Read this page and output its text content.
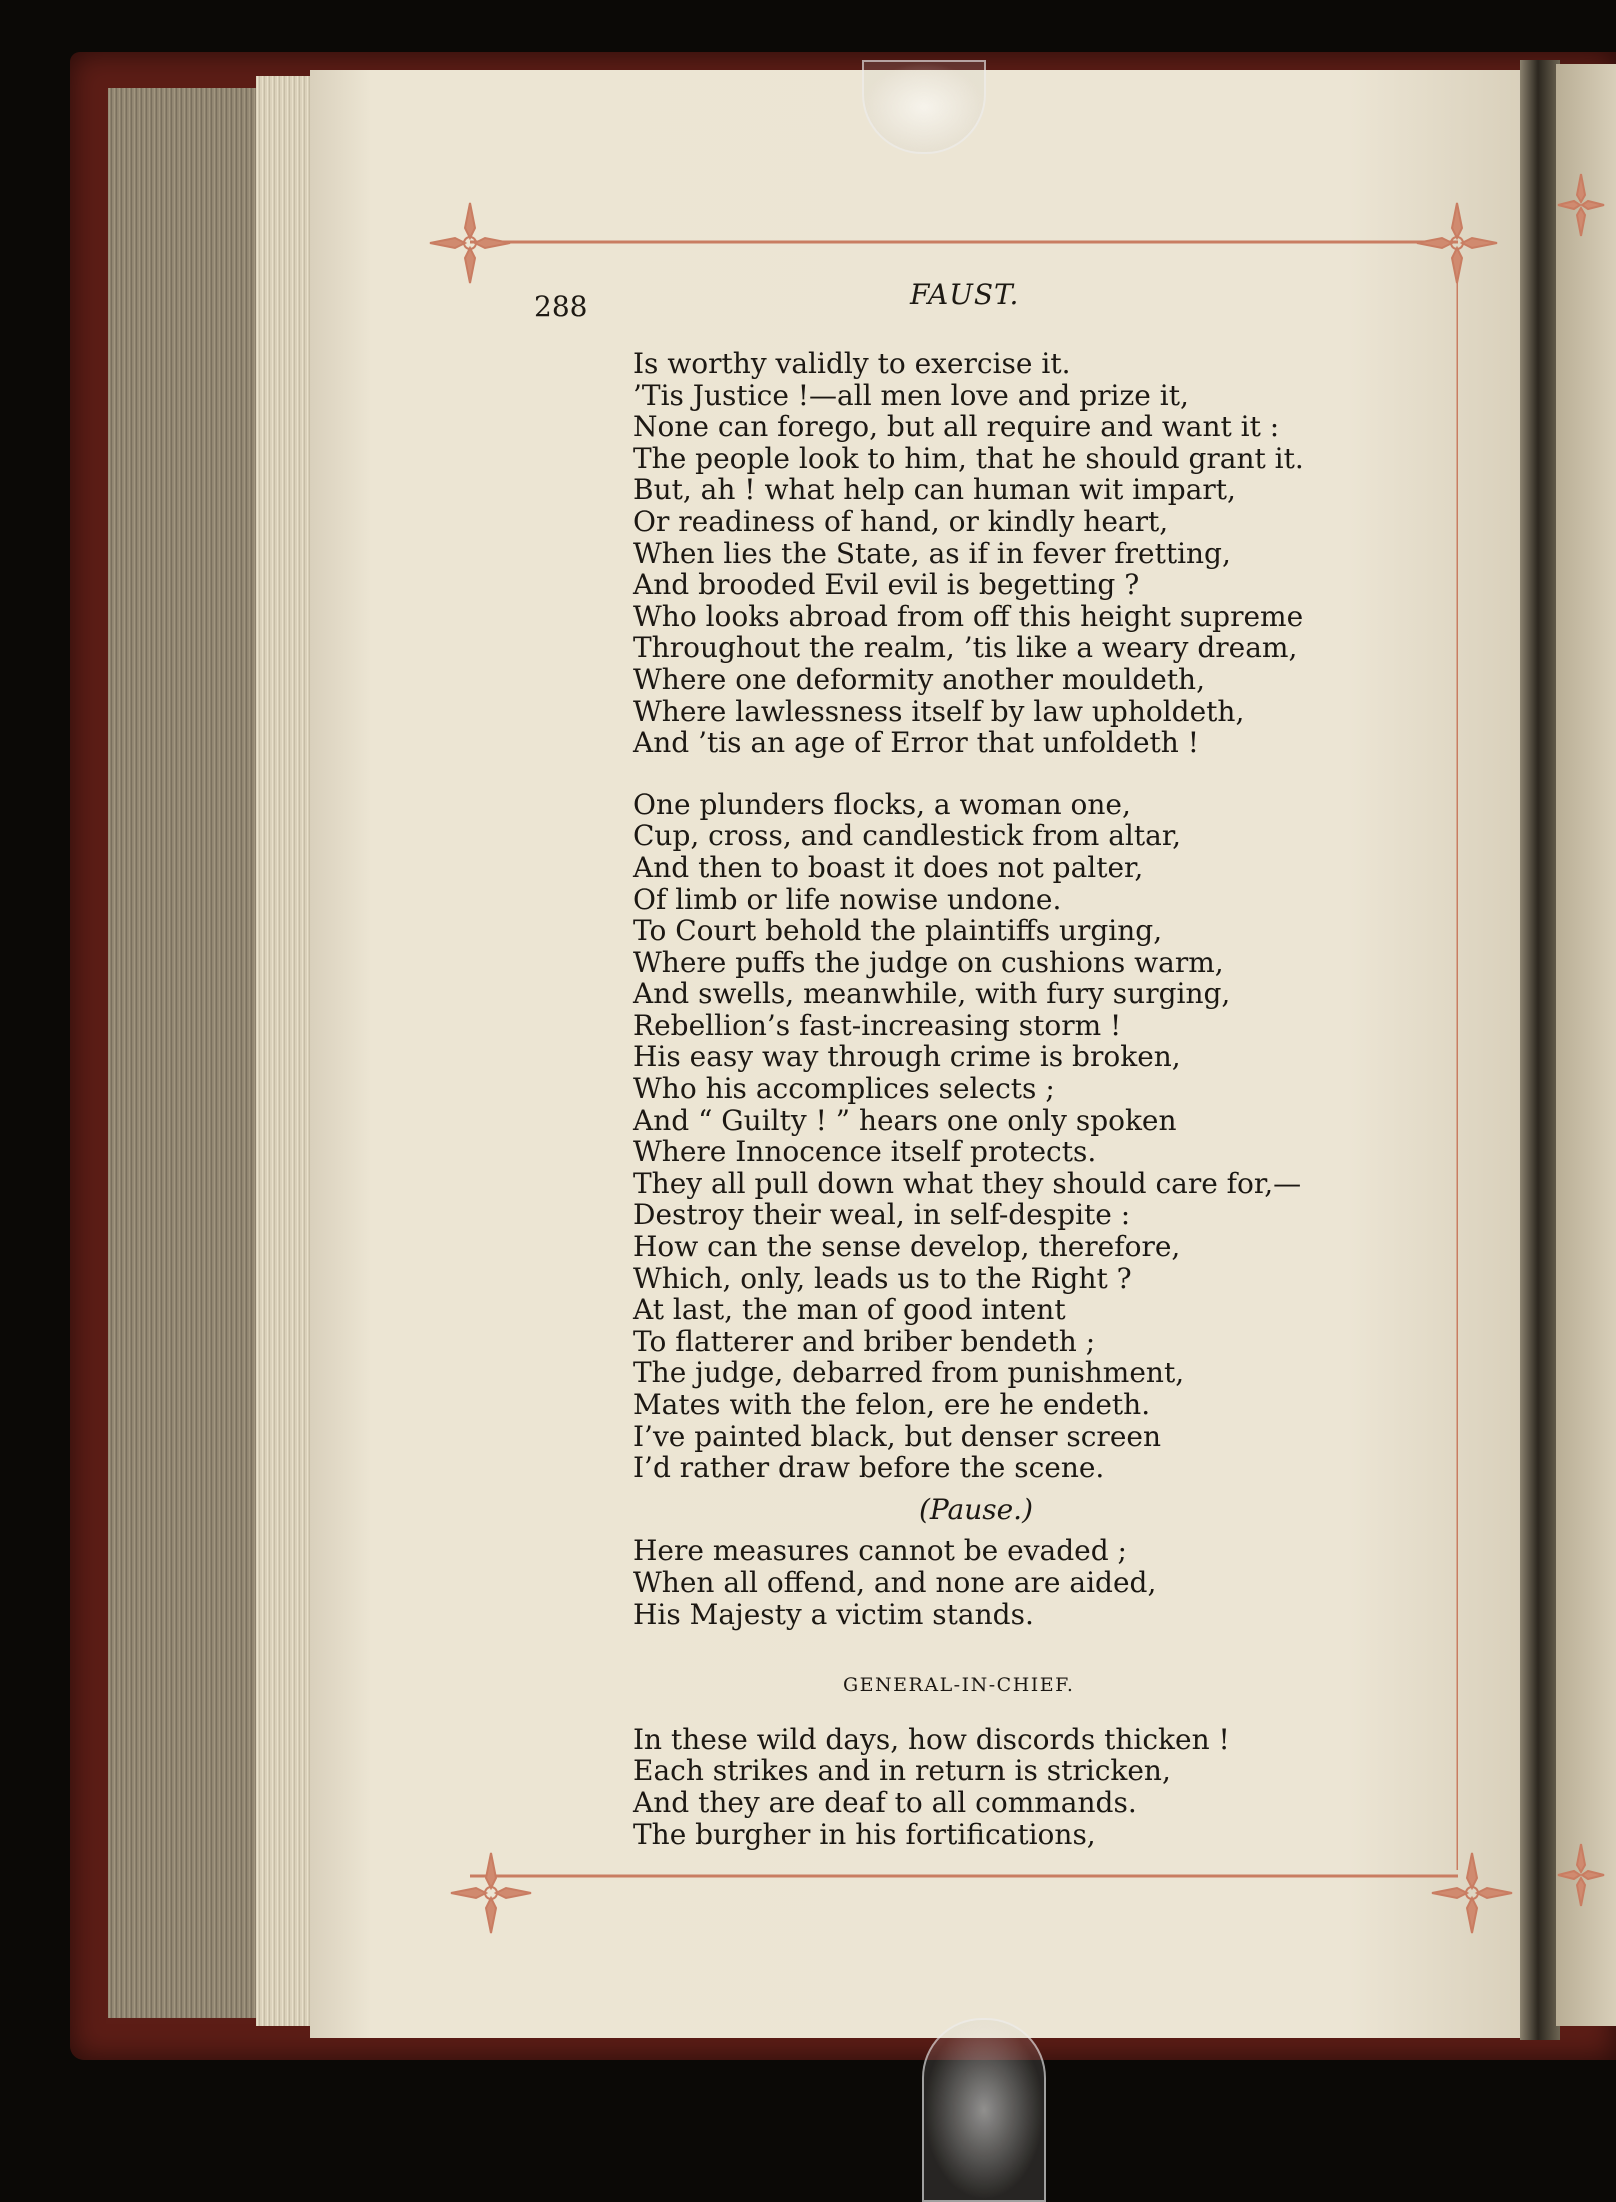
288	FAUST.
Is worthy validly to exercise it.
’Tis Justice !—all men love and prize it,
None can forego, but all require and want it :
The people look to him, that he should grant it.
But, ah ! what help can human wit impart,
Or readiness of hand, or kindly heart,
When lies the State, as if in fever fretting,
And brooded Evil evil is begetting ?
Who looks abroad from off this height supreme
Throughout the realm, ’tis like a weary dream,
Where one deformity another mouldeth,
Where lawlessness itself by law upholdeth,
And ’tis an age of Error that unfoldeth !
One plunders flocks, a woman one,
Cup, cross, and candlestick from altar,
And then to boast it does not palter,
Of limb or life nowise undone.
To Court behold the plaintiffs urging,
Where puffs the judge on cushions warm,
And swells, meanwhile, with fury surging,
Rebellion’s fast-increasing storm !
His easy way through crime is broken,
Who his accomplices selects ;
And “ Guilty ! ” hears one only spoken
Where Innocence itself protects.
They all pull down what they should care for,—
Destroy their weal, in self-despite :
How can the sense develop, therefore,
Which, only, leads us to the Right ?
At last, the man of good intent
To flatterer and briber bendeth ;
The judge, debarred from punishment,
Mates with the felon, ere he endeth.
I’ve painted black, but denser screen
I’d rather draw before the scene.
(Pause.)
Here measures cannot be evaded ;
When all offend, and none are aided,
His Majesty a victim stands.
GENERAL-IN-CHIEF.
In these wild days, how discords thicken !
Each strikes and in return is stricken,
And they are deaf to all commands.
The burgher in his fortifications,
